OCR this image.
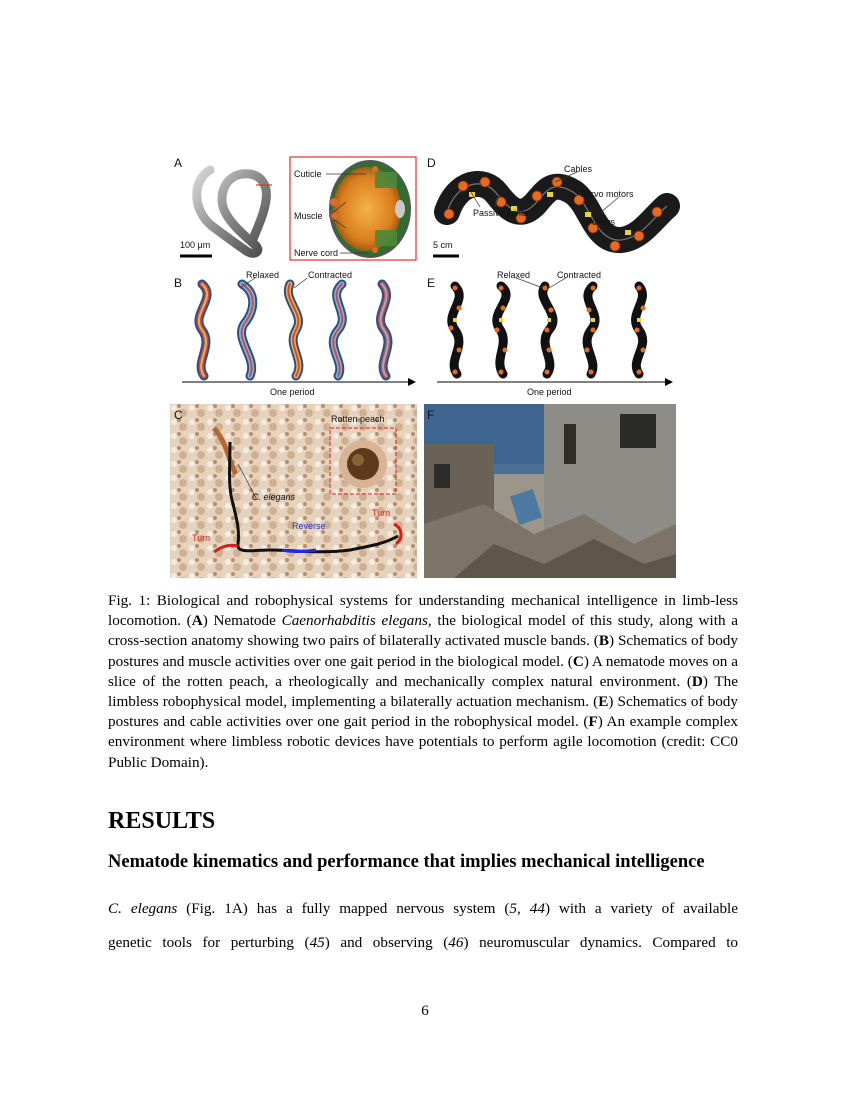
A	D
B	E
C	F
100 μm
Cuticle
Muscle
Nerve cord
Cables
Servo motors
Passive joints
Pulleys
5 cm
Relaxed	Contracted
One period
Relaxed	Contracted
One period
Rotten peach
C. elegans
Turn
Turn
Reverse
Fig. 1: Biological and robophysical systems for understanding mechanical intelligence in limb-less locomotion. (A) Nematode Caenorhabditis elegans, the biological model of this study, along with a cross-section anatomy showing two pairs of bilaterally activated muscle bands. (B) Schematics of body postures and muscle activities over one gait period in the biological model. (C) A nematode moves on a slice of the rotten peach, a rheologically and mechanically complex natural environment. (D) The limbless robophysical model, implementing a bilaterally actuation mechanism. (E) Schematics of body postures and cable activities over one gait period in the robophysical model. (F) An example complex environment where limbless robotic devices have potentials to perform agile locomotion (credit: CC0 Public Domain).
RESULTS
Nematode kinematics and performance that implies mechanical intelligence
C. elegans (Fig. 1A) has a fully mapped nervous system (5, 44) with a variety of available
genetic tools for perturbing (45) and observing (46) neuromuscular dynamics. Compared to
6
